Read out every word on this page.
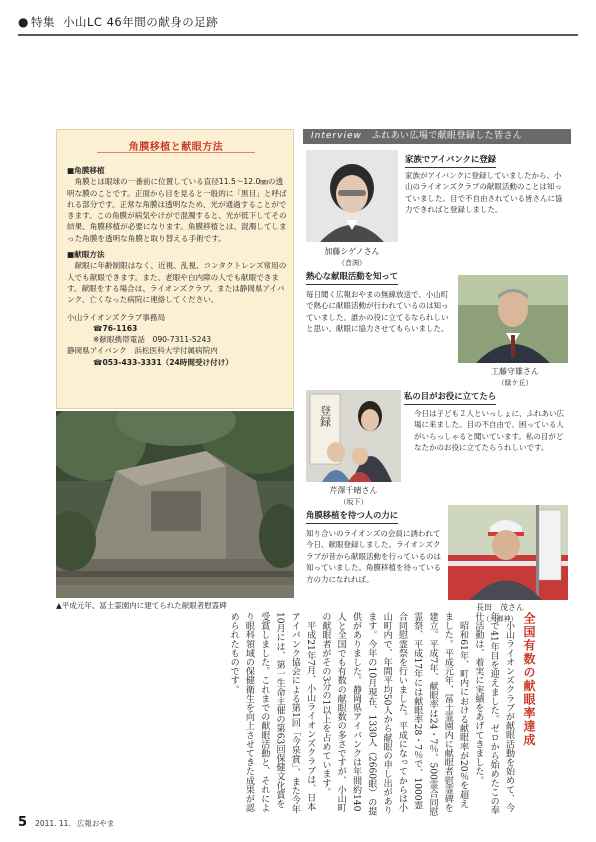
● 特集 小山LC 46年間の献身の足跡
角膜移植と献眼方法
■角膜移植
角膜とは眼球の一番前に位置している直径11.5～12.0㎜の透明な膜のことです。正面から目を見ると一般的に「黒目」と呼ばれる部分です。正常な角膜は透明なため、光が通過することができます。この角膜が病気やけがで混濁すると、光が低下してその結果、角膜移植が必要になります。角膜移植とは、混濁してしまった角膜を透明な角膜と取り替える手術です。
■献眼方法
献眼に年齢制限はなく、近視、乱視、コンタクトレンズ常用の人でも献眼できます。また、老眼や白内障の人でも献眼できます。献眼をする場合は、ライオンズクラブ、または静岡県アイバンク、亡くなった病院に連絡してください。
小山ライオンズクラブ事務局
☎76-1163
※献眼携帯電話　090-7311-5243
静岡県アイバンク　浜松医科大学付属病院内
☎053-433-3331（24時間受け付け）
▲平成元年、冨士霊園内に建てられた献眼者慰霊碑
Interview ふれあい広場で献眼登録した皆さん
家族でアイバンクに登録
家族がアイバンクに登録していましたから、小山のライオンズクラブの献眼活動のことは知っていました。目で不自由されている皆さんに協力できればと登録しました。
加藤シゲノさん
（音渕）
熱心な献眼活動を知って
毎日聞く広報おやまの無線放送で、小山町で熱心に献眼活動が行われているのは知っていました。誰かの役に立てるなられしいと思い、献眼に協力させてもらいました。
工藤守雄さん
（緑ケ丘）
登録
私の目がお役に立てたら
今日は子ども２人といっしょに、ふれあい広場に来ました。目の不自由で、困っている人がいらっしゃると聞いています。私の目がどなたかのお役に立てたらうれしいです。
芹澤千晴さん
（坂下）
角膜移植を待つ人の力に
知り合いのライオンズの会員に誘われて今日、献眼登録しました。ライオンズクラブが昔から献眼活動を行っているのは知っていました。角膜移植を待っている方の力になれれば。
長田　茂さん
（大御神） 全国有数の献眼率達成

小山ライオンズクラブが献眼活動を始めて、今年で41年目を迎えました。ゼロから始めたこの奉仕活動は、着実に実績をあげてきました。

昭和61年、町内における献眼率が20％を超えました。平成元年、冨士霊園内に献眼者慰霊碑を建立。平成7年、献眼率は24・7％、500霊合同慰霊祭、平成17年には献眼率28・7％で、1000霊合同慰霊祭を行いました。平成になってからは小山町内で、年間平均50人から献眼の申し出があります。今年の10月現在、1330人（2660眼）の提供がありました。静岡県アイバンクは年間約140人と全国でも有数の献眼数の多さですが、小山町の献眼者がその3分の1以上を占めています。

平成21年7月、小山ライオンズクラブは、日本アイバンク協会による第1回「今泉賞」、また今年10月には、第一生命主催の第63回保健文化賞を受賞しました。これまでの献眼活動と、それにより眼科領域の保健衛生を向上させてきた成果が認められたものです。

5 2011. 11. 広報おやま
